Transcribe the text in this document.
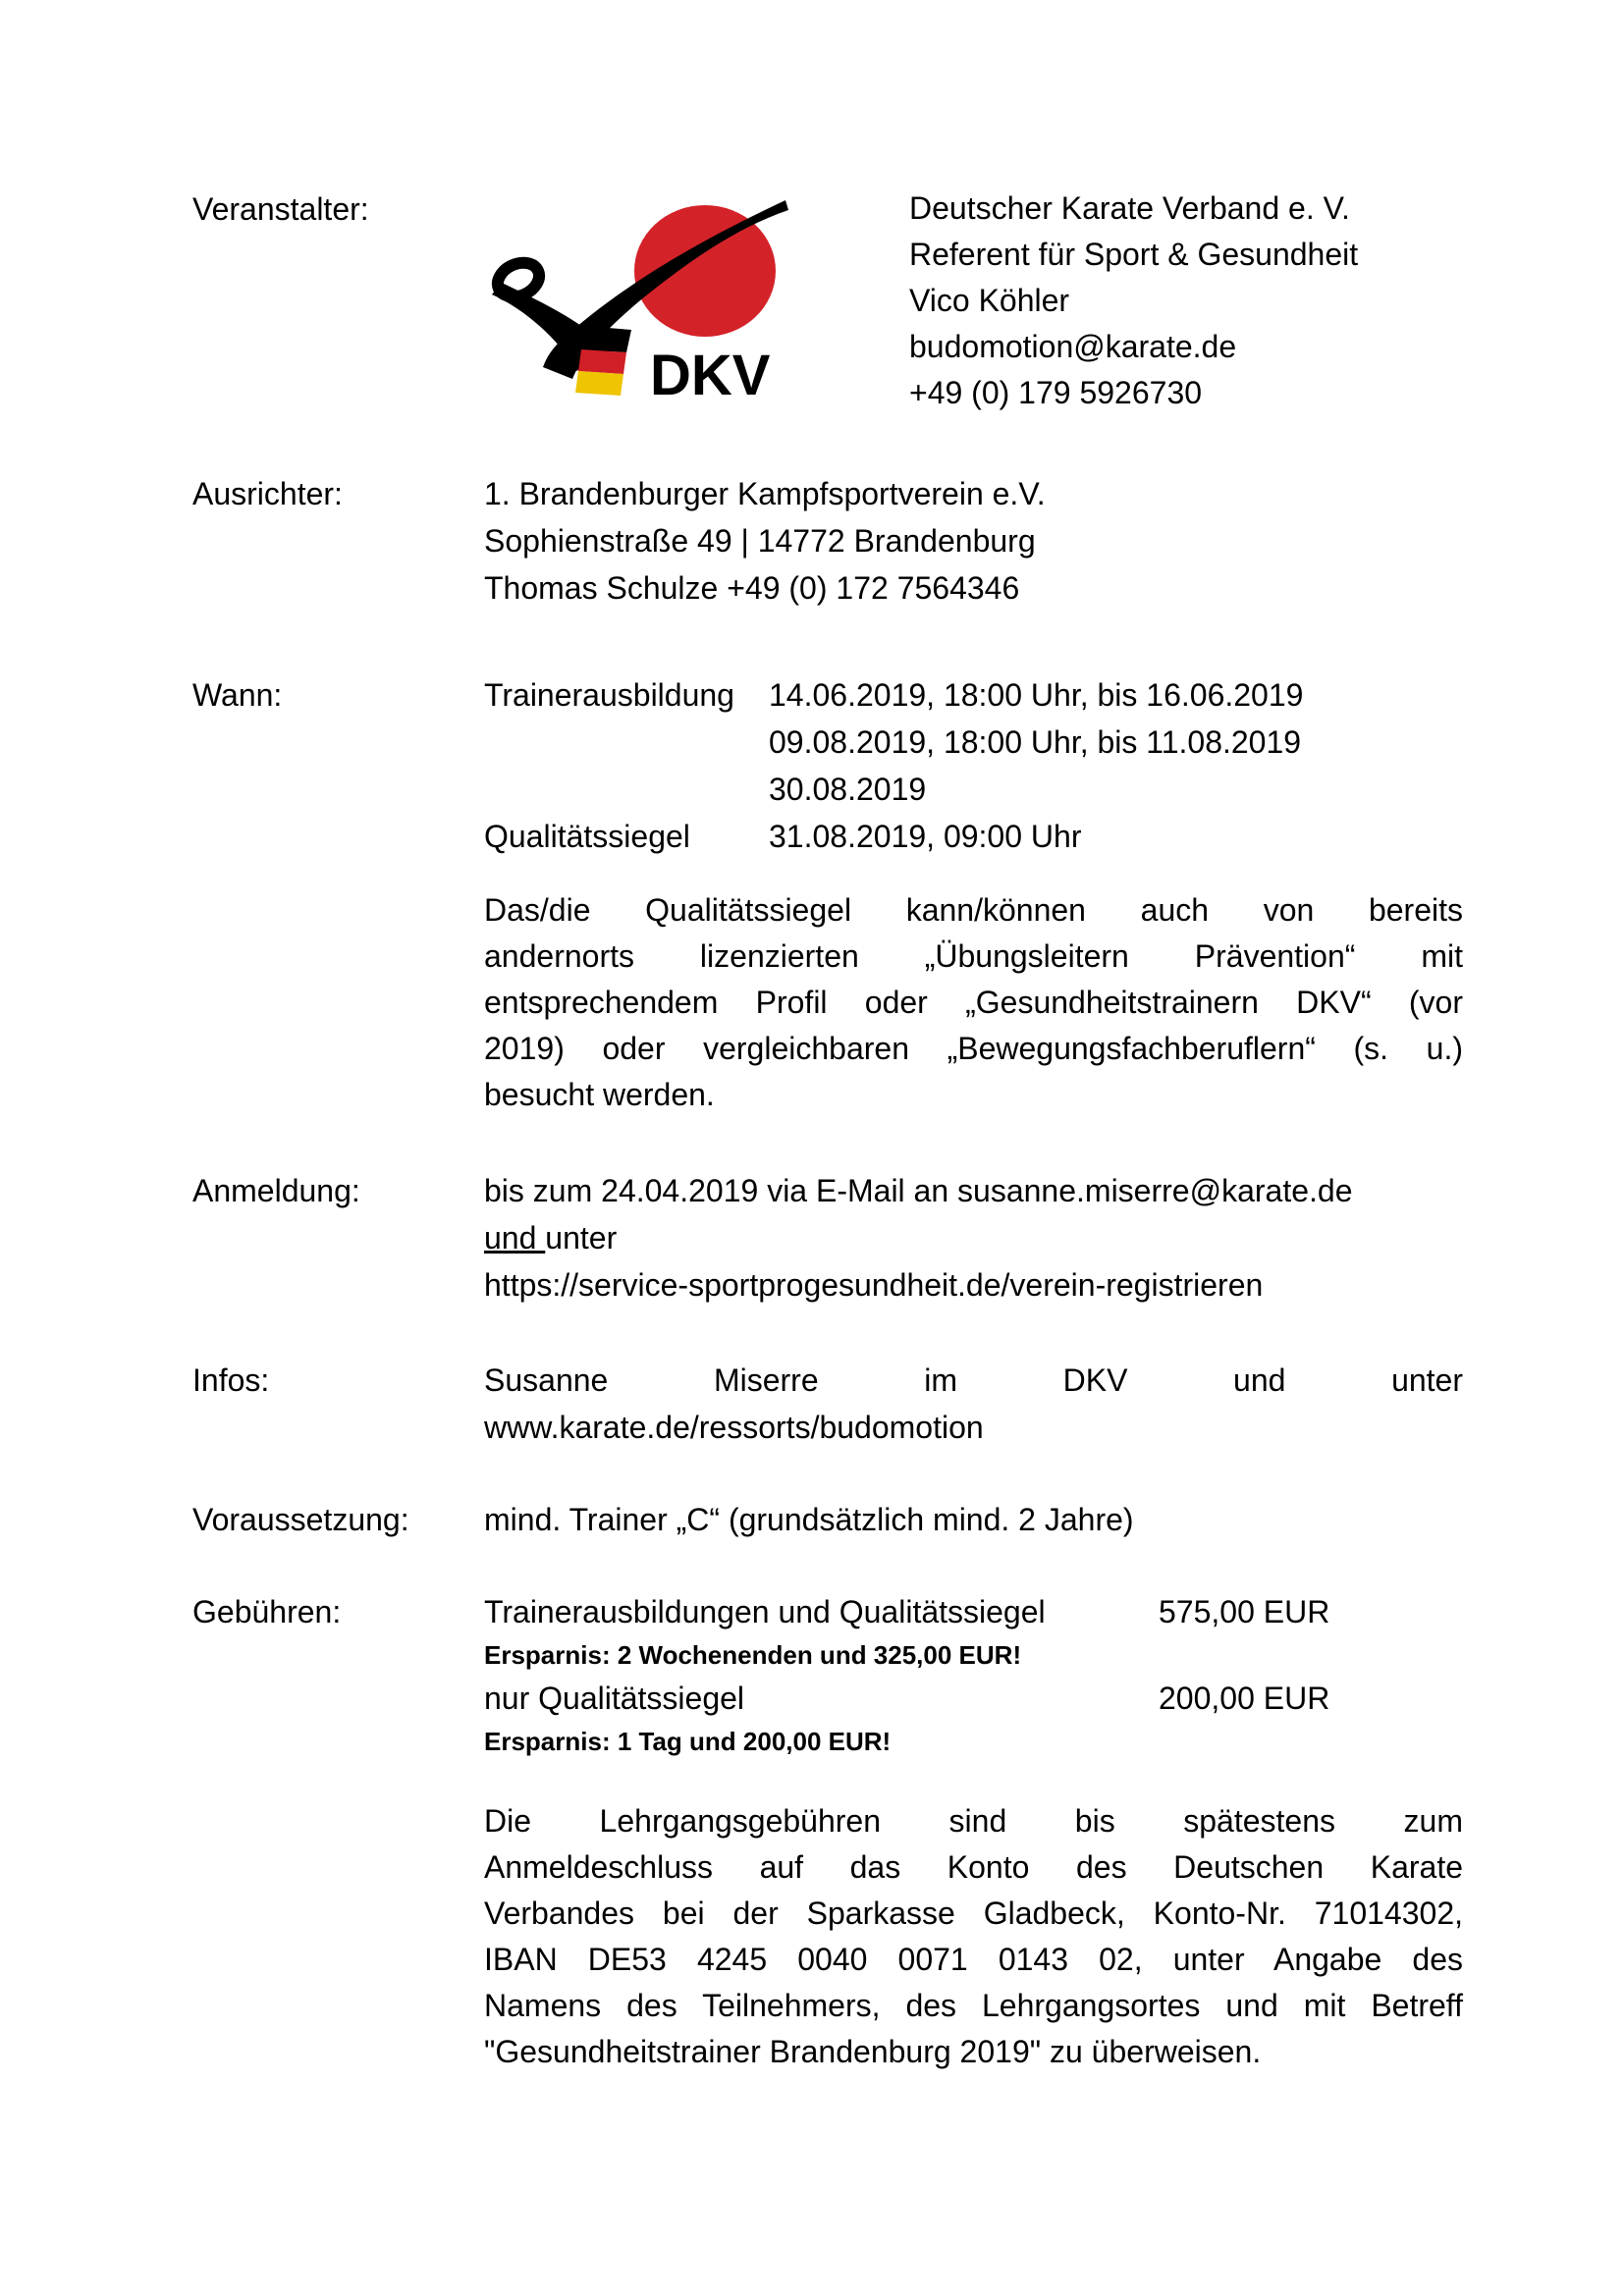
Veranstalter:
DKV
Deutscher Karate Verband e. V.
Referent für Sport & Gesundheit
Vico Köhler
budomotion@karate.de
+49 (0) 179 5926730
Ausrichter:	1. Brandenburger Kampfsportverein e.V.
Sophienstraße 49 | 14772 Brandenburg
Thomas Schulze +49 (0) 172 7564346
Wann:	Trainerausbildung 14.06.2019, 18:00 Uhr, bis 16.06.2019
09.08.2019, 18:00 Uhr, bis 11.08.2019
30.08.2019
Qualitätssiegel	31.08.2019, 09:00 Uhr
Das/die Qualitätssiegel kann/können auch von bereits
andernorts lizenzierten „Übungsleitern Prävention“ mit
entsprechendem Profil oder „Gesundheitstrainern DKV“ (vor
2019) oder vergleichbaren „Bewegungsfachberuflern“ (s. u.)
besucht werden.
Anmeldung:	bis zum 24.04.2019 via E-Mail an susanne.miserre@karate.de
und unter
https://service-sportprogesundheit.de/verein-registrieren
Infos:	Susanne Miserre im DKV und unter
www.karate.de/ressorts/budomotion
Voraussetzung: mind. Trainer „C“ (grundsätzlich mind. 2 Jahre)
Gebühren:	Trainerausbildungen und Qualitätssiegel	575,00 EUR
Ersparnis: 2 Wochenenden und 325,00 EUR!
nur Qualitätssiegel	200,00 EUR
Ersparnis: 1 Tag und 200,00 EUR!
Die Lehrgangsgebühren sind bis spätestens zum
Anmeldeschluss auf das Konto des Deutschen Karate
Verbandes bei der Sparkasse Gladbeck, Konto-Nr. 71014302,
IBAN DE53 4245 0040 0071 0143 02, unter Angabe des
Namens des Teilnehmers, des Lehrgangsortes und mit Betreff
"Gesundheitstrainer Brandenburg 2019" zu überweisen.
